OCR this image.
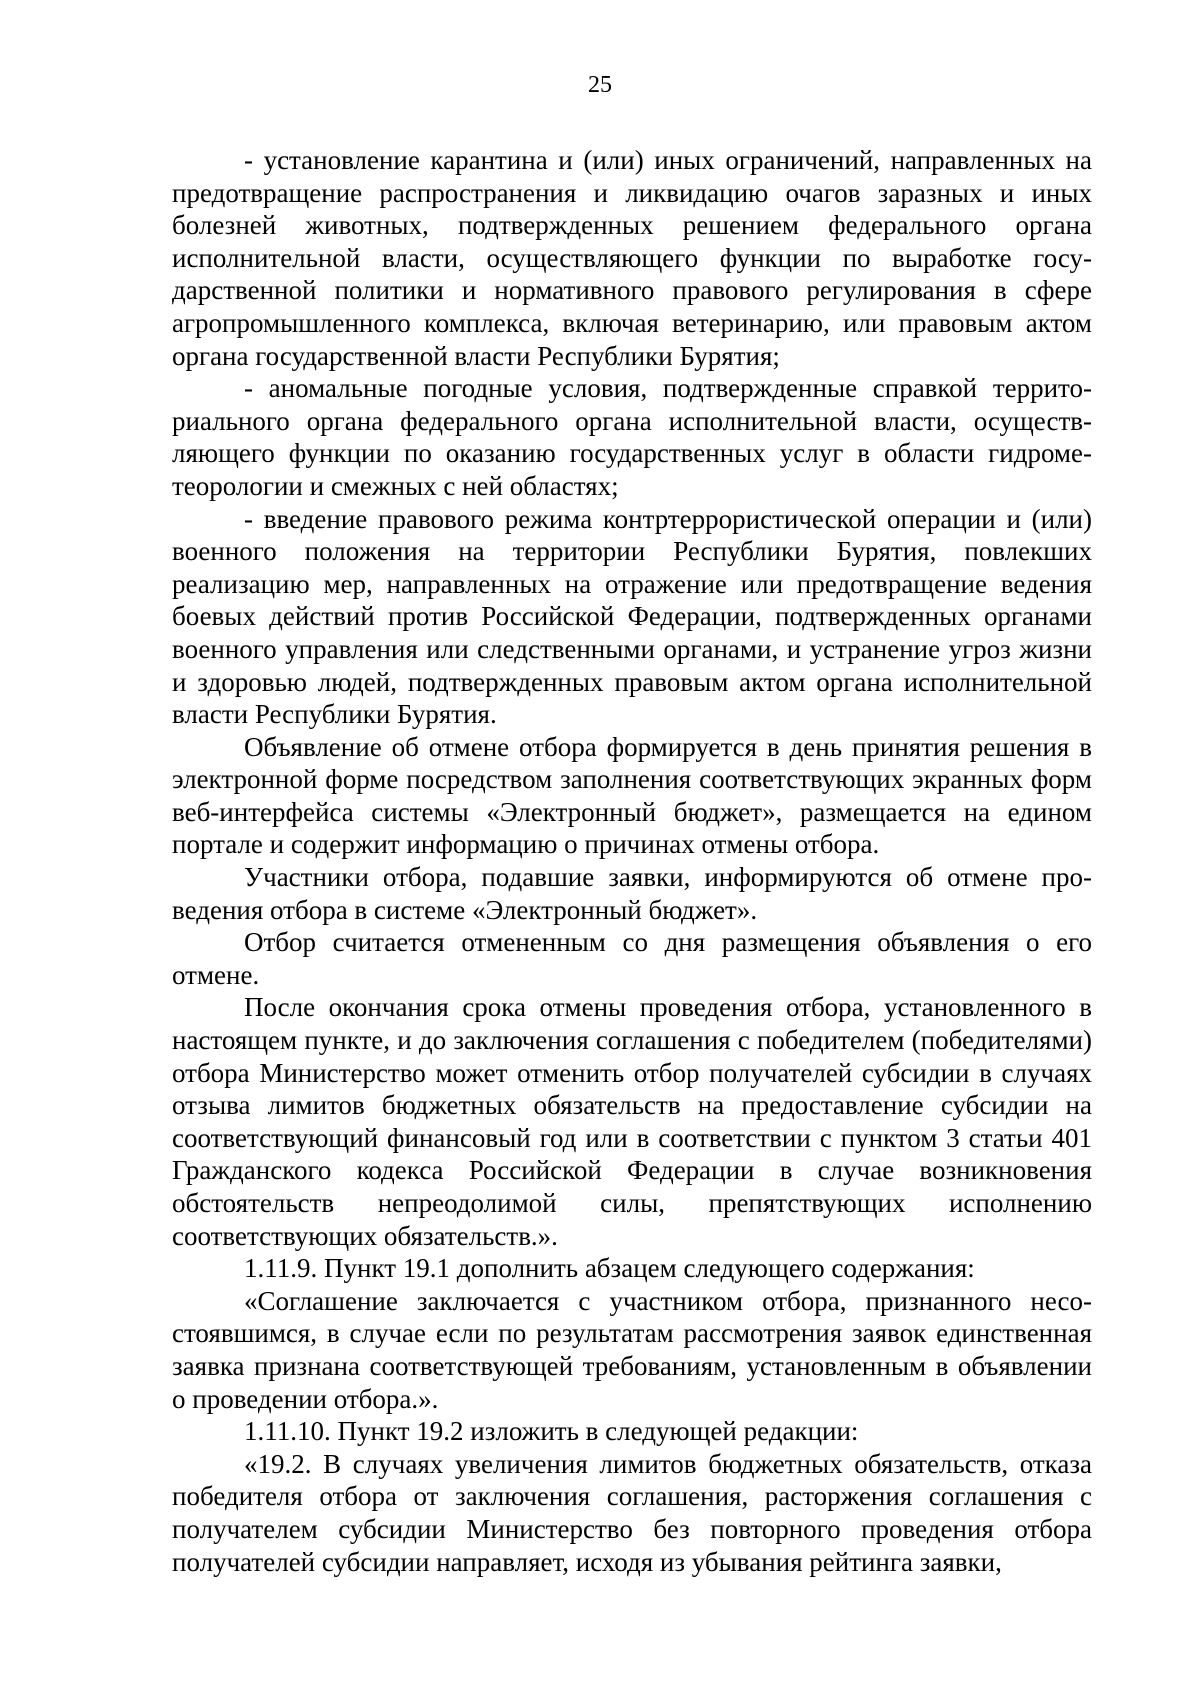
25

- установление карантина и (или) иных ограничений, направленных на предотвращение распространения и ликвидацию очагов заразных и иных болезней животных, подтвержденных решением федерального органа исполнительной власти, осуществляющего функции по выработке государственной политики и нормативного правового регулирования в сфере агропромышленного комплекса, включая ветеринарию, или правовым актом органа государственной власти Республики Бурятия;

- аномальные погодные условия, подтвержденные справкой территориального органа федерального органа исполнительной власти, осуществляющего функции по оказанию государственных услуг в области гидрометеорологии и смежных с ней областях;

- введение правового режима контртеррористической операции и (или) военного положения на территории Республики Бурятия, повлекших реализацию мер, направленных на отражение или предотвращение ведения боевых действий против Российской Федерации, подтвержденных органами военного управления или следственными органами, и устранение угроз жизни и здоровью людей, подтвержденных правовым актом органа исполнительной власти Республики Бурятия.

Объявление об отмене отбора формируется в день принятия решения в электронной форме посредством заполнения соответствующих экранных форм веб-интерфейса системы «Электронный бюджет», размещается на едином портале и содержит информацию о причинах отмены отбора.

Участники отбора, подавшие заявки, информируются об отмене проведения отбора в системе «Электронный бюджет».

Отбор считается отмененным со дня размещения объявления о его отмене.

После окончания срока отмены проведения отбора, установленного в настоящем пункте, и до заключения соглашения с победителем (победителями) отбора Министерство может отменить отбор получателей субсидии в случаях отзыва лимитов бюджетных обязательств на предоставление субсидии на соответствующий финансовый год или в соответствии с пунктом 3 статьи 401 Гражданского кодекса Российской Федерации в случае возникновения обстоятельств непреодолимой силы, препятствующих исполнению соответствующих обязательств.».

1.11.9. Пункт 19.1 дополнить абзацем следующего содержания:

«Соглашение заключается с участником отбора, признанного несостоявшимся, в случае если по результатам рассмотрения заявок единственная заявка признана соответствующей требованиям, установленным в объявлении о проведении отбора.».

1.11.10. Пункт 19.2 изложить в следующей редакции:

«19.2. В случаях увеличения лимитов бюджетных обязательств, отказа победителя отбора от заключения соглашения, расторжения соглашения с получателем субсидии Министерство без повторного проведения отбора получателей субсидии направляет, исходя из убывания рейтинга заявки,
